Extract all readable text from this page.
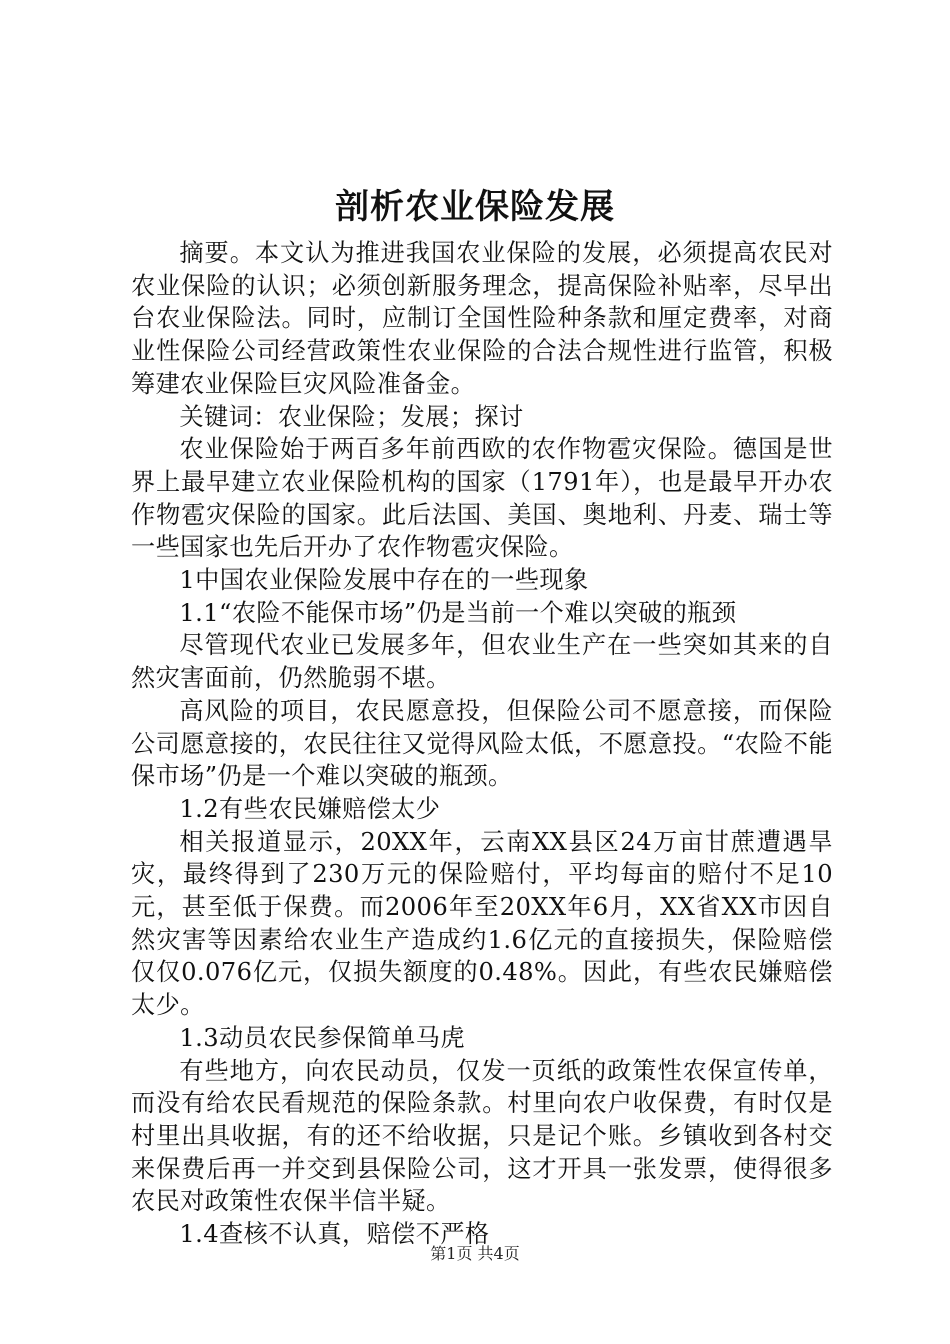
剖析农业保险发展

摘要。本文认为推进我国农业保险的发展，必须提高农民对农业保险的认识；必须创新服务理念，提高保险补贴率，尽早出台农业保险法。同时，应制订全国性险种条款和厘定费率，对商业性保险公司经营政策性农业保险的合法合规性进行监管，积极筹建农业保险巨灾风险准备金。

关键词：农业保险；发展；探讨

农业保险始于两百多年前西欧的农作物雹灾保险。德国是世界上最早建立农业保险机构的国家（1791年），也是最早开办农作物雹灾保险的国家。此后法国、美国、奥地利、丹麦、瑞士等一些国家也先后开办了农作物雹灾保险。

1中国农业保险发展中存在的一些现象

1.1“农险不能保市场”仍是当前一个难以突破的瓶颈

尽管现代农业已发展多年，但农业生产在一些突如其来的自然灾害面前，仍然脆弱不堪。

高风险的项目，农民愿意投，但保险公司不愿意接，而保险公司愿意接的，农民往往又觉得风险太低，不愿意投。“农险不能保市场”仍是一个难以突破的瓶颈。

1.2有些农民嫌赔偿太少

相关报道显示，20XX年，云南XX县区24万亩甘蔗遭遇旱灾，最终得到了230万元的保险赔付，平均每亩的赔付不足10元，甚至低于保费。而2006年至20XX年6月，XX省XX市因自然灾害等因素给农业生产造成约1.6亿元的直接损失，保险赔偿仅仅0.076亿元，仅损失额度的0.48%。因此，有些农民嫌赔偿太少。

1.3动员农民参保简单马虎

有些地方，向农民动员，仅发一页纸的政策性农保宣传单，而没有给农民看规范的保险条款。村里向农户收保费，有时仅是村里出具收据，有的还不给收据，只是记个账。乡镇收到各村交来保费后再一并交到县保险公司，这才开具一张发票，使得很多农民对政策性农保半信半疑。

1.4查核不认真，赔偿不严格

第1页 共4页
